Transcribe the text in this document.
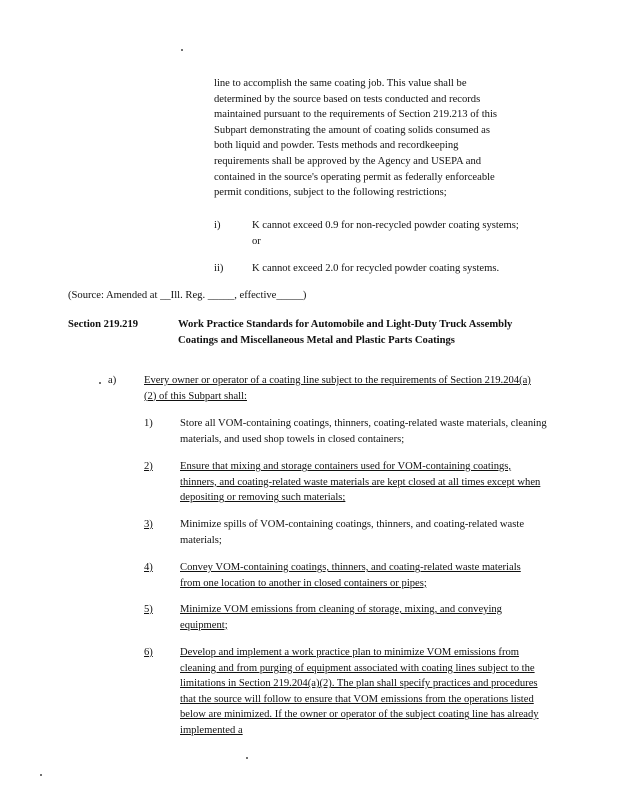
line to accomplish the same coating job. This value shall be determined by the source based on tests conducted and records maintained pursuant to the requirements of Section 219.213 of this Subpart demonstrating the amount of coating solids consumed as both liquid and powder. Tests methods and recordkeeping requirements shall be approved by the Agency and USEPA and contained in the source's operating permit as federally enforceable permit conditions, subject to the following restrictions;
i)	K cannot exceed 0.9 for non-recycled powder coating systems; or
ii)	K cannot exceed 2.0 for recycled powder coating systems.
(Source: Amended at __Ill. Reg. _____, effective_____)
Section 219.219	Work Practice Standards for Automobile and Light-Duty Truck Assembly Coatings and Miscellaneous Metal and Plastic Parts Coatings
a)	Every owner or operator of a coating line subject to the requirements of Section 219.204(a)(2) of this Subpart shall:
1)	Store all VOM-containing coatings, thinners, coating-related waste materials, cleaning materials, and used shop towels in closed containers;
2)	Ensure that mixing and storage containers used for VOM-containing coatings, thinners, and coating-related waste materials are kept closed at all times except when depositing or removing such materials;
3)	Minimize spills of VOM-containing coatings, thinners, and coating-related waste materials;
4)	Convey VOM-containing coatings, thinners, and coating-related waste materials from one location to another in closed containers or pipes;
5)	Minimize VOM emissions from cleaning of storage, mixing, and conveying equipment;
6)	Develop and implement a work practice plan to minimize VOM emissions from cleaning and from purging of equipment associated with coating lines subject to the limitations in Section 219.204(a)(2). The plan shall specify practices and procedures that the source will follow to ensure that VOM emissions from the operations listed below are minimized. If the owner or operator of the subject coating line has already implemented a
